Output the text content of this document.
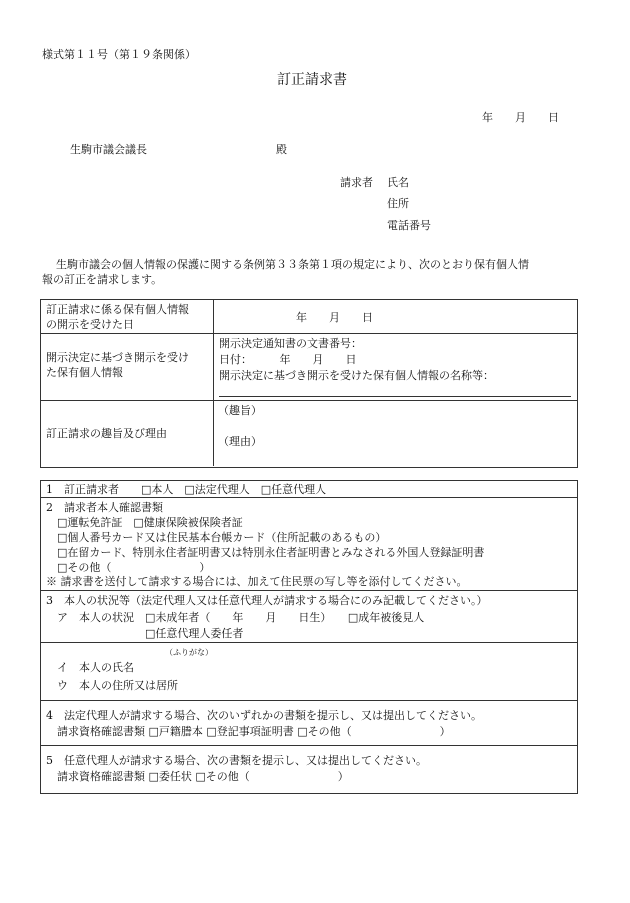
様式第１１号（第１９条関係）
訂正請求書
年　　月　　日
生駒市議会議長	殿
請求者 氏名
住所
電話番号
生駒市議会の個人情報の保護に関する条例第３３条第１項の規定により、次のとおり保有個人情
報の訂正を請求します。
訂正請求に係る保有個人情報
の開示を受けた日
年　　月　　日
開示決定に基づき開示を受け
た保有個人情報
開示決定通知書の文書番号：
日付：　　　年　　月　　日
開示決定に基づき開示を受けた保有個人情報の名称等：
訂正請求の趣旨及び理由
（趣旨）
（理由）
1　訂正請求者　　□本人　□法定代理人　□任意代理人
2　請求者本人確認書類
　□運転免許証　□健康保険被保険者証
　□個人番号カード又は住民基本台帳カード（住所記載のあるもの）
　□在留カード、特別永住者証明書又は特別永住者証明書とみなされる外国人登録証明書
　□その他（　　　　　　　　）
※ 請求書を送付して請求する場合には、加えて住民票の写し等を添付してください。
3　本人の状況等（法定代理人又は任意代理人が請求する場合にのみ記載してください。）
　ア　本人の状況　□未成年者（　　年　　月　　日生）　　□成年被後見人
　　　　　　　　　□任意代理人委任者
（ふりがな）
　イ　本人の氏名
　ウ　本人の住所又は居所
4　法定代理人が請求する場合、次のいずれかの書類を提示し、又は提出してください。
　請求資格確認書類 □戸籍謄本 □登記事項証明書 □その他（　　　　　　　　）
5　任意代理人が請求する場合、次の書類を提示し、又は提出してください。
　請求資格確認書類 □委任状 □その他（　　　　　　　　）
